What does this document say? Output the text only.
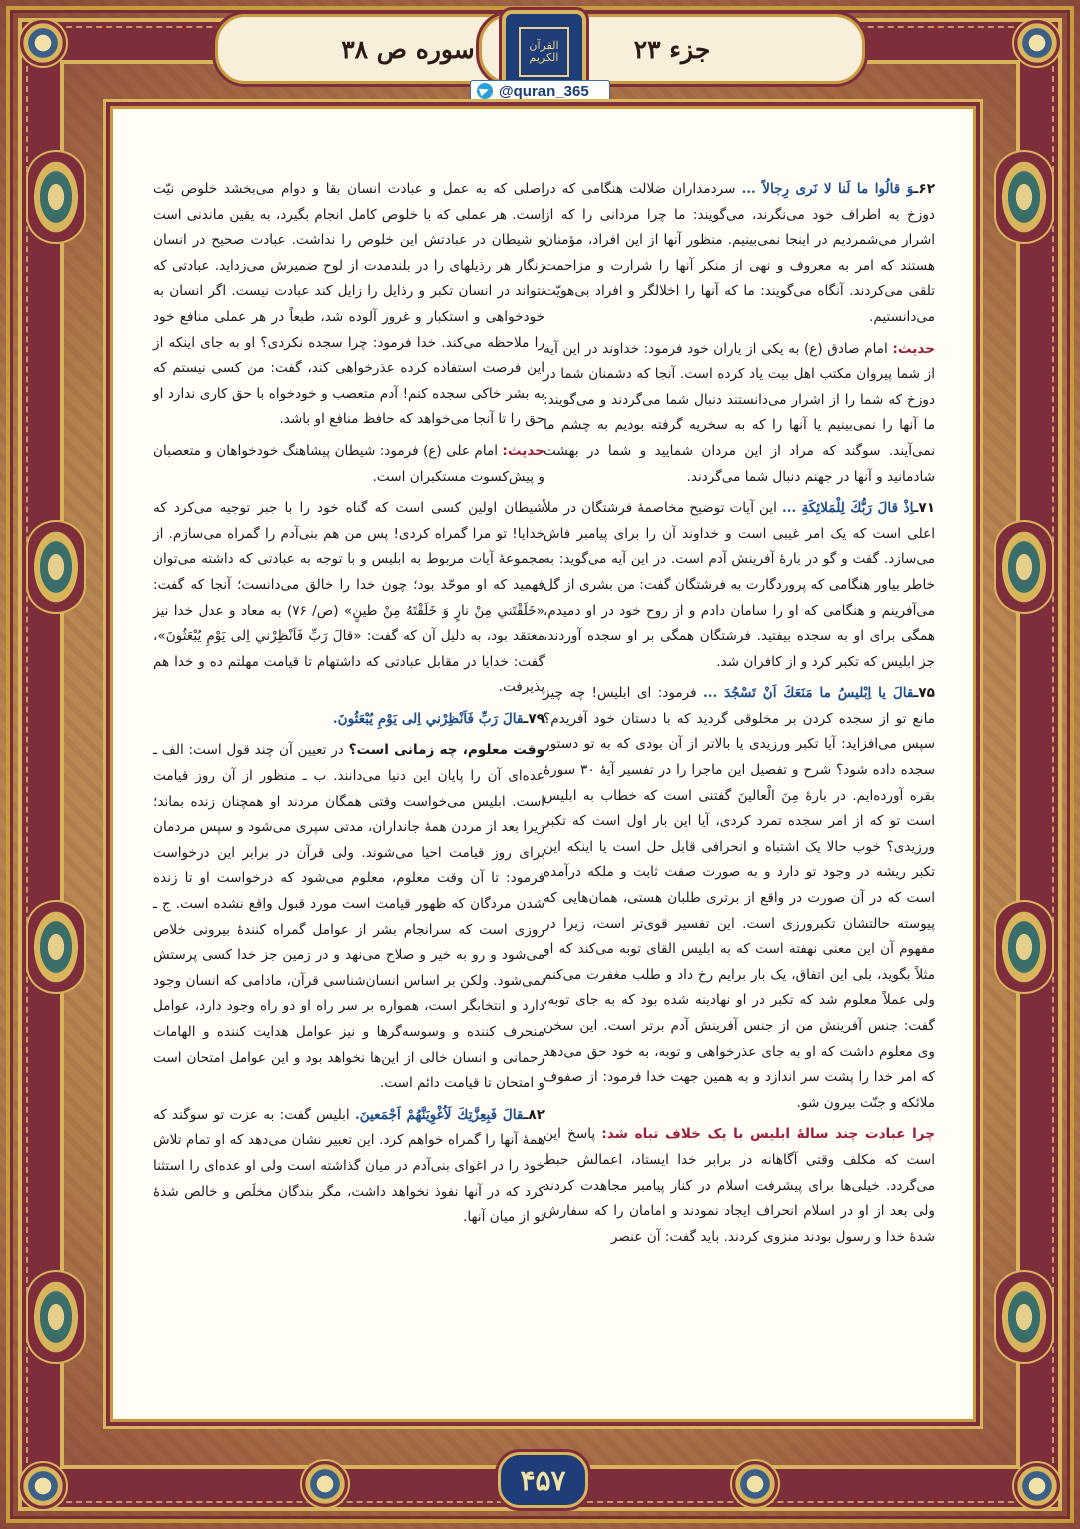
سوره ص ۳۸	جزء ۲۳
القرآن الكريم
@quran_365

۶۲ـوَ قالُوا ما لَنا لا نَرى‏ رِجالاً ... سردمداران ضلالت هنگامی که در دوزخ به اطراف خود می‌نگرند، می‌گویند: ما چرا مردانی را که از اشرار می‌شمردیم در اینجا نمی‌بینیم. منظور آنها از این افراد، مؤمنان هستند که امر به معروف و نهی از منکر آنها را شرارت و مزاحمت تلقی می‌کردند. آنگاه می‌گویند: ما که آنها را اخلالگر و افراد بی‌هویّت می‌دانستیم.

حدیث: امام صادق (ع) به یکی از یاران خود فرمود: خداوند در این آیه از شما پیروان مکتب اهل بیت یاد کرده است. آنجا که دشمنان شما در دوزخ که شما را از اشرار می‌دانستند دنبال شما می‌گردند و می‌گویند: ما آنها را نمی‌بینیم یا آنها را که به سخریه گرفته بودیم به چشم ما نمی‌آیند. سوگند که مراد از این مردان شمایید و شما در بهشت شادمانید و آنها در جهنم دنبال شما می‌گردند.

۷۱ـاِذْ قالَ رَبُّكَ لِلْمَلائِكَةِ ... این آیات توضیح مخاصمهٔ فرشتگان در ملأ اعلی است که یک امر غیبی است و خداوند آن را برای پیامبر فاش می‌سازد. گفت و گو در بارهٔ آفرینش آدم است. در این آیه می‌گوید: به خاطر بیاور هنگامی که پروردگارت به فرشتگان گفت: من بشری از گل می‌آفرینم و هنگامی که او را سامان دادم و از روح خود در او دمیدم، همگی برای او به سجده بیفتید. فرشتگان همگی بر او سجده آوردند، جز ابلیس که تکبر کرد و از کافران شد.

۷۵ـقالَ يا اِبْليسُ ما مَنَعَكَ اَنْ تَسْجُدَ ... فرمود: ای ابلیس! چه چیز مانع تو از سجده کردن بر مخلوقی گردید که با دستان خود آفریدم؟ سپس می‌افزاید: آیا تکبر ورزیدی یا بالاتر از آن بودی که به تو دستور سجده داده شود؟ شرح و تفصیل این ماجرا را در تفسیر آیهٔ ۳۰ سورهٔ بقره آورده‌ایم. در بارهٔ مِنَ الْعالینَ گفتنی است که خطاب به ابلیس است تو که از امر سجده تمرد کردی، آیا این بار اول است که تکبر ورزیدی؟ خوب حالا یک اشتباه و انحرافی قابل حل است یا اینکه این تکبر ریشه در وجود تو دارد و به صورت صفت ثابت و ملکه درآمده است که در آن صورت در واقع از برتری طلبان هستی، همان‌هایی که پیوسته حالتشان تکبرورزی است. این تفسیر قوی‌تر است، زیرا در مفهوم آن این معنی نهفته است که به ابلیس القای توبه می‌کند که او مثلاً بگوید، بلی این اتفاق، یک بار برایم رخ داد و طلب مغفرت می‌کنم ولی عملاً معلوم شد که تکبر در او نهادینه شده بود که به جای توبه، گفت: جنس آفرینش من از جنس آفرینش آدم برتر است. این سخن وی معلوم داشت که او به جای عذرخواهی و توبه، به خود حق می‌دهد که امر خدا را پشت سر اندازد و به همین جهت خدا فرمود: از صفوف ملائکه و جنّت بیرون شو.

چرا عبادت چند سالهٔ ابلیس با یک خلاف تباه شد: پاسخ این است که مکلف وقتی آگاهانه در برابر خدا ایستاد، اعمالش حبط می‌گردد. خیلی‌ها برای پیشرفت اسلام در کنار پیامبر مجاهدت کردند ولی بعد از او در اسلام انحراف ایجاد نمودند و امامان را که سفارش شدهٔ خدا و رسول بودند منزوی کردند. باید گفت: آن عنصر

اصلی که به عمل و عبادت انسان بقا و دوام می‌بخشد خلوص نیّت است. هر عملی که با خلوص کامل انجام بگیرد، به یقین ماندنی است و شیطان در عبادتش این خلوص را نداشت. عبادت صحیح در انسان زنگار هر رذیلهای را در بلندمدت از لوح ضمیرش می‌زداید. عبادتی که نتواند در انسان تکبر و رذایل را زایل کند عبادت نیست. اگر انسان به خودخواهی و استکبار و غرور آلوده شد، طبعاً در هر عملی منافع خود را ملاحظه می‌کند. خدا فرمود: چرا سجده نکردی؟ او به جای اینکه از این فرصت استفاده کرده عذرخواهی کند، گفت: من کسی نیستم که به بشر خاکی سجده کنم! آدم متعصب و خودخواه با حق کاری ندارد او حق را تا آنجا می‌خواهد که حافظ منافع او باشد.

حدیث: امام علی (ع) فرمود: شیطان پیشاهنگ خودخواهان و متعصبان و پیش‌کسوت مستکبران است.

شیطان اولین کسی است که گناه خود را با جبر توجیه می‌کرد که خدایا! تو مرا گمراه کردی! پس من هم بنی‌آدم را گمراه می‌سازم. از مجموعهٔ آیات مربوط به ابلیس و با توجه به عبادتی که داشته می‌توان فهمید که او موحّد بود؛ چون خدا را خالق می‌دانست؛ آنجا که گفت: «خَلَقْتَني مِنْ نارٍ وَ خَلَقْتَهُ مِنْ طينٍ» (ص/ ۷۶) به معاد و عدل خدا نیز معتقد بود، به دلیل آن که گفت: «قالَ رَبِّ فَاَنْظِرْني اِلى‏ يَوْمِ يُبْعَثُونَ»، گفت: خدایا در مقابل عبادتی که داشتهام تا قیامت مهلتم ده و خدا هم پذیرفت.

۷۹ـقالَ رَبِّ فَاَنْظِرْني اِلى‏ يَوْمِ يُبْعَثُونَ.

وقت معلوم، چه زمانی است؟ در تعیین آن چند قول است: الف ـ عده‌ای آن را پایان این دنیا می‌دانند. ب ـ منظور از آن روز قیامت است. ابلیس می‌خواست وقتی همگان مردند او همچنان زنده بماند؛ زیرا بعد از مردن همهٔ جانداران، مدتی سپری می‌شود و سپس مردمان برای روز قیامت احیا می‌شوند. ولی قرآن در برابر این درخواست فرمود: تا آن وقت معلوم، معلوم می‌شود که درخواست او تا زنده شدن مردگان که ظهور قیامت است مورد قبول واقع نشده است. ج ـ روزی است که سرانجام بشر از عوامل گمراه کنندهٔ بیرونی خلاص می‌شود و رو به خیر و صلاح می‌نهد و در زمین جز خدا کسی پرستش نمی‌شود. ولکن بر اساس انسان‌شناسی قرآن، مادامی که انسان وجود دارد و انتخابگر است، همواره بر سر راه او دو راه وجود دارد، عوامل منحرف کننده و وسوسه‌گرها و نیز عوامل هدایت کننده و الهامات رحمانی و انسان خالی از این‌ها نخواهد بود و این عوامل امتحان است و امتحان تا قیامت دائم است.

۸۲ـقالَ فَبِعِزَّتِكَ لَاُغْوِيَنَّهُمْ اَجْمَعينَ. ابلیس گفت: به عزت تو سوگند که همهٔ آنها را گمراه خواهم کرد. این تعبیر نشان می‌دهد که او تمام تلاش خود را در اغوای بنی‌آدم در میان گذاشته است ولی او عده‌ای را استثنا کرد که در آنها نفوذ نخواهد داشت، مگر بندگان مخلَص و خالص شدهٔ تو از میان آنها.

۴۵۷
